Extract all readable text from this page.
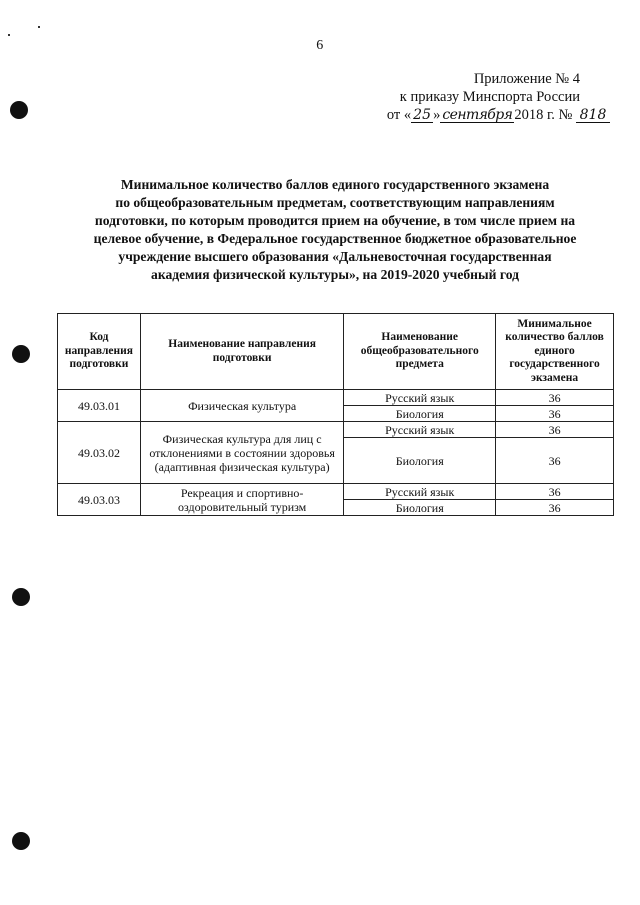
6
Приложение № 4
к приказу Минспорта России
от « 25 » сентября 2018 г. № 818
Минимальное количество баллов единого государственного экзамена
по общеобразовательным предметам, соответствующим направлениям
подготовки, по которым проводится прием на обучение, в том числе прием на
целевое обучение, в Федеральное государственное бюджетное образовательное
учреждение высшего образования «Дальневосточная государственная
академия физической культуры», на 2019-2020 учебный год
Код направления подготовки	Наименование направления подготовки	Наименование общеобразовательного предмета	Минимальное количество баллов единого государственного экзамена
49.03.01	Физическая культура	Русский язык	36
		Биология	36
49.03.02	Физическая культура для лиц с отклонениями в состоянии здоровья (адаптивная физическая культура)	Русский язык	36
		Биология	36
49.03.03	Рекреация и спортивно-оздоровительный туризм	Русский язык	36
		Биология	36
